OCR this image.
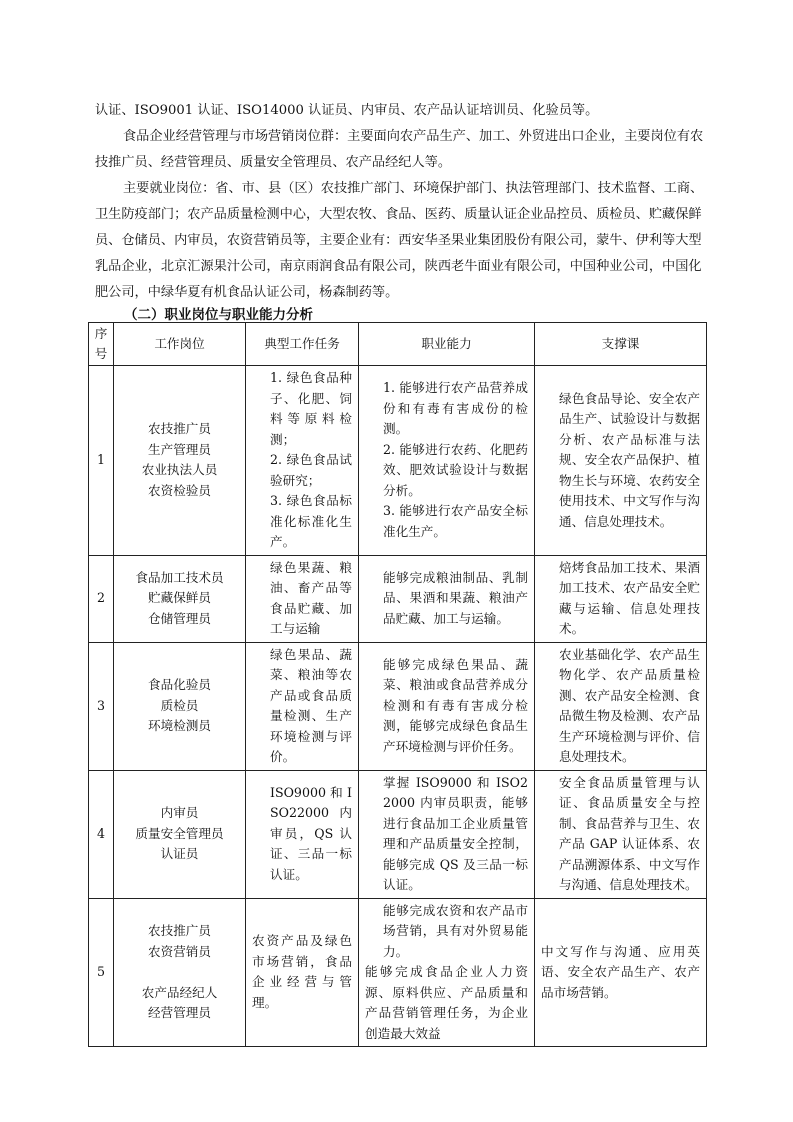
认证、ISO9001 认证、ISO14000 认证员、内审员、农产品认证培训员、化验员等。

食品企业经营管理与市场营销岗位群：主要面向农产品生产、加工、外贸进出口企业，主要岗位有农技推广员、经营管理员、质量安全管理员、农产品经纪人等。

主要就业岗位：省、市、县（区）农技推广部门、环境保护部门、执法管理部门、技术监督、工商、卫生防疫部门；农产品质量检测中心，大型农牧、食品、医药、质量认证企业品控员、质检员、贮藏保鲜员、仓储员、内审员，农资营销员等，主要企业有：西安华圣果业集团股份有限公司，蒙牛、伊利等大型乳品企业，北京汇源果汁公司，南京雨润食品有限公司，陕西老牛面业有限公司，中国种业公司，中国化肥公司，中绿华夏有机食品认证公司，杨森制药等。

（二）职业岗位与职业能力分析

序号	工作岗位	典型工作任务	职业能力	支撑课
1	农技推广员
生产管理员
农业执法人员
农资检验员	1. 绿色食品种子、化肥、饲料等原料检测；
2. 绿色食品试验研究；
3. 绿色食品标准化标准化生产。	1. 能够进行农产品营养成份和有毒有害成份的检测。
2. 能够进行农药、化肥药效、肥效试验设计与数据分析。
3. 能够进行农产品安全标准化生产。	绿色食品导论、安全农产品生产、试验设计与数据分析、农产品标准与法规、安全农产品保护、植物生长与环境、农药安全使用技术、中文写作与沟通、信息处理技术。

2	食品加工技术员
贮藏保鲜员
仓储管理员	绿色果蔬、粮油、畜产品等食品贮藏、加工与运输	能够完成粮油制品、乳制品、果酒和果蔬、粮油产品贮藏、加工与运输。	焙烤食品加工技术、果酒加工技术、农产品安全贮藏与运输、信息处理技术。

3	食品化验员
质检员
环境检测员	绿色果品、蔬菜、粮油等农产品或食品质量检测、生产环境检测与评价。	能够完成绿色果品、蔬菜、粮油或食品营养成分检测和有毒有害成分检测，能够完成绿色食品生产环境检测与评价任务。	农业基础化学、农产品生物化学、农产品质量检测、农产品安全检测、食品微生物及检测、农产品生产环境检测与评价、信息处理技术。

4	内审员
质量安全管理员
认证员	ISO9000 和 ISO22000 内审员，QS 认证、三品一标认证。	掌握 ISO9000 和 ISO22000 内审员职责，能够进行食品加工企业质量管理和产品质量安全控制，能够完成 QS 及三品一标认证。	安全食品质量管理与认证、食品质量安全与控制、食品营养与卫生、农产品 GAP 认证体系、农产品溯源体系、中文写作与沟通、信息处理技术。

5	农技推广员
农资营销员
农产品经纪人
经营管理员	农资产品及绿色市场营销，食品企业经营与管理。	能够完成农资和农产品市场营销，具有对外贸易能力。
能够完成食品企业人力资源、原料供应、产品质量和产品营销管理任务，为企业创造最大效益	中文写作与沟通、应用英语、安全农产品生产、农产品市场营销。
